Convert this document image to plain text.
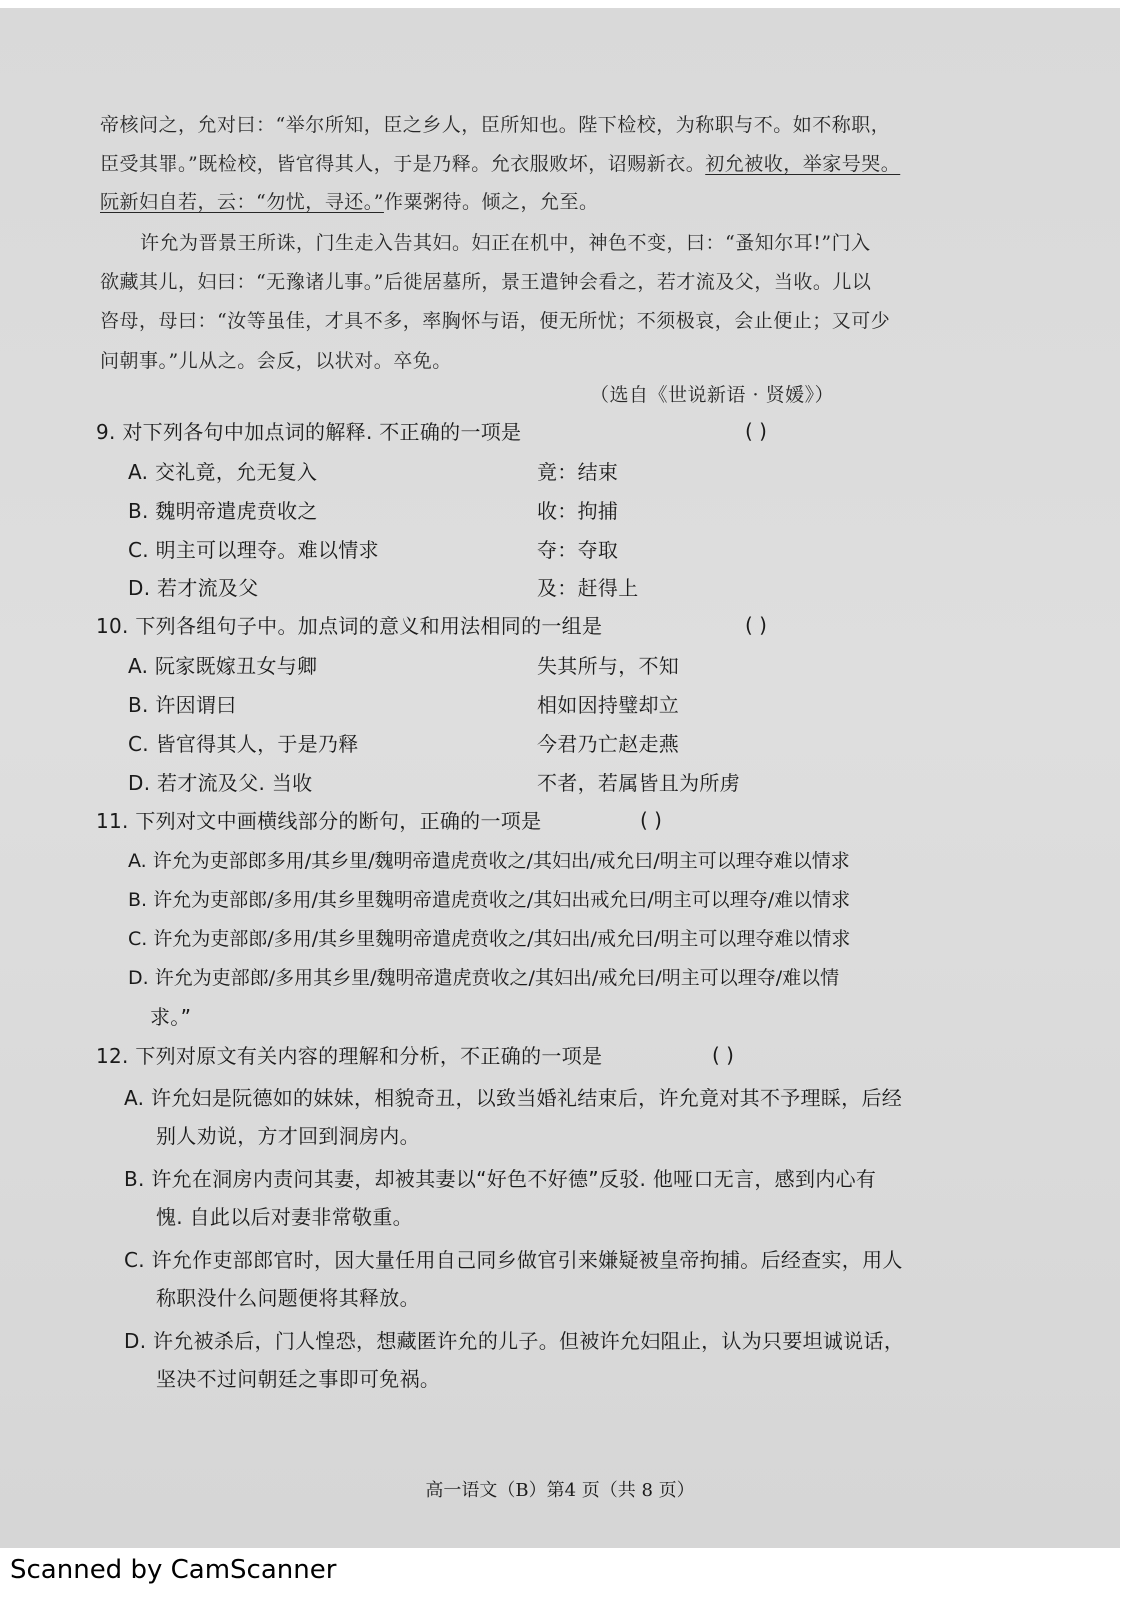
帝核问之，允对曰：“举尔所知，臣之乡人，臣所知也。陛下检校，为称职与不。如不称职，
臣受其罪。”既检校，皆官得其人，于是乃释。允衣服败坏，诏赐新衣。初允被收，举家号哭。
阮新妇自若，云：“勿忧，寻还。”作粟粥待。倾之，允至。
许允为晋景王所诛，门生走入告其妇。妇正在机中，神色不变，曰：“蚤知尔耳!”门入
欲藏其儿，妇曰：“无豫诸儿事。”后徙居墓所，景王遣钟会看之，若才流及父，当收。儿以
咨母，母曰：“汝等虽佳，才具不多，率胸怀与语，便无所忧；不须极哀，会止便止；又可少
问朝事。”儿从之。会反，以状对。卒免。
（选自《世说新语 · 贤媛》）
9. 对下列各句中加点词的解释. 不正确的一项是	( )
A. 交礼竟，允无复入	竟：结束
B. 魏明帝遣虎贲收之	收：拘捕
C. 明主可以理夺。难以情求	夺：夺取
D. 若才流及父	及：赶得上
10. 下列各组句子中。加点词的意义和用法相同的一组是	( )
A. 阮家既嫁丑女与卿	失其所与，不知
B. 许因谓曰	相如因持璧却立
C. 皆官得其人，于是乃释	今君乃亡赵走燕
D. 若才流及父. 当收	不者，若属皆且为所虏
11. 下列对文中画横线部分的断句，正确的一项是	( )
A. 许允为吏部郎多用/其乡里/魏明帝遣虎贲收之/其妇出/戒允曰/明主可以理夺难以情求
B. 许允为吏部郎/多用/其乡里魏明帝遣虎贲收之/其妇出戒允曰/明主可以理夺/难以情求
C. 许允为吏部郎/多用/其乡里魏明帝遣虎贲收之/其妇出/戒允曰/明主可以理夺难以情求
D. 许允为吏部郎/多用其乡里/魏明帝遣虎贲收之/其妇出/戒允曰/明主可以理夺/难以情
求。”
12. 下列对原文有关内容的理解和分析，不正确的一项是	( )
A. 许允妇是阮德如的妹妹，相貌奇丑，以致当婚礼结束后，许允竟对其不予理睬，后经
别人劝说，方才回到洞房内。
B. 许允在洞房内责问其妻，却被其妻以“好色不好德”反驳. 他哑口无言，感到内心有
愧. 自此以后对妻非常敬重。
C. 许允作吏部郎官时，因大量任用自己同乡做官引来嫌疑被皇帝拘捕。后经查实，用人
称职没什么问题便将其释放。
D. 许允被杀后，门人惶恐，想藏匿许允的儿子。但被许允妇阻止，认为只要坦诚说话，
坚决不过问朝廷之事即可免祸。
高一语文（B）第4 页（共 8 页）
Scanned by CamScanner
